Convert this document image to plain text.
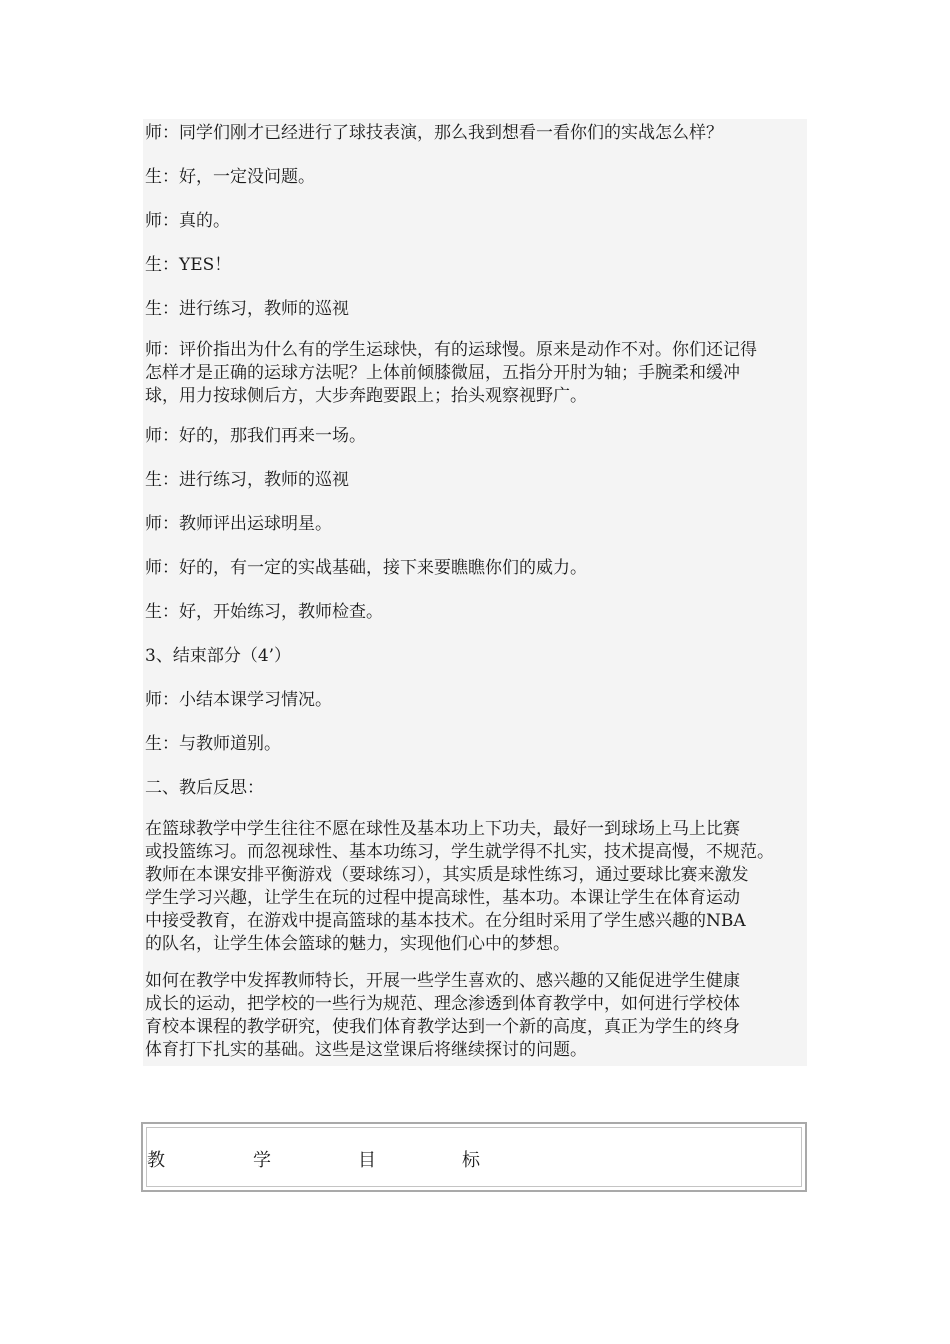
师：同学们刚才已经进行了球技表演，那么我到想看一看你们的实战怎么样？
生：好，一定没问题。
师：真的。
生：YES！
生：进行练习，教师的巡视
师：评价指出为什么有的学生运球快，有的运球慢。原来是动作不对。你们还记得
怎样才是正确的运球方法呢？上体前倾膝微屈，五指分开肘为轴；手腕柔和缓冲
球，用力按球侧后方，大步奔跑要跟上；抬头观察视野广。
师：好的，那我们再来一场。
生：进行练习，教师的巡视
师：教师评出运球明星。
师：好的，有一定的实战基础，接下来要瞧瞧你们的威力。
生：好，开始练习，教师检查。
3、结束部分（4’）
师：小结本课学习情况。
生：与教师道别。
二、教后反思：
在篮球教学中学生往往不愿在球性及基本功上下功夫，最好一到球场上马上比赛
或投篮练习。而忽视球性、基本功练习，学生就学得不扎实，技术提高慢，不规范。
教师在本课安排平衡游戏（要球练习），其实质是球性练习，通过要球比赛来激发
学生学习兴趣，让学生在玩的过程中提高球性，基本功。本课让学生在体育运动
中接受教育，在游戏中提高篮球的基本技术。在分组时采用了学生感兴趣的NBA
的队名，让学生体会篮球的魅力，实现他们心中的梦想。
如何在教学中发挥教师特长，开展一些学生喜欢的、感兴趣的又能促进学生健康
成长的运动，把学校的一些行为规范、理念渗透到体育教学中，如何进行学校体
育校本课程的教学研究，使我们体育教学达到一个新的高度，真正为学生的终身
体育打下扎实的基础。这些是这堂课后将继续探讨的问题。
教	学	目	标
